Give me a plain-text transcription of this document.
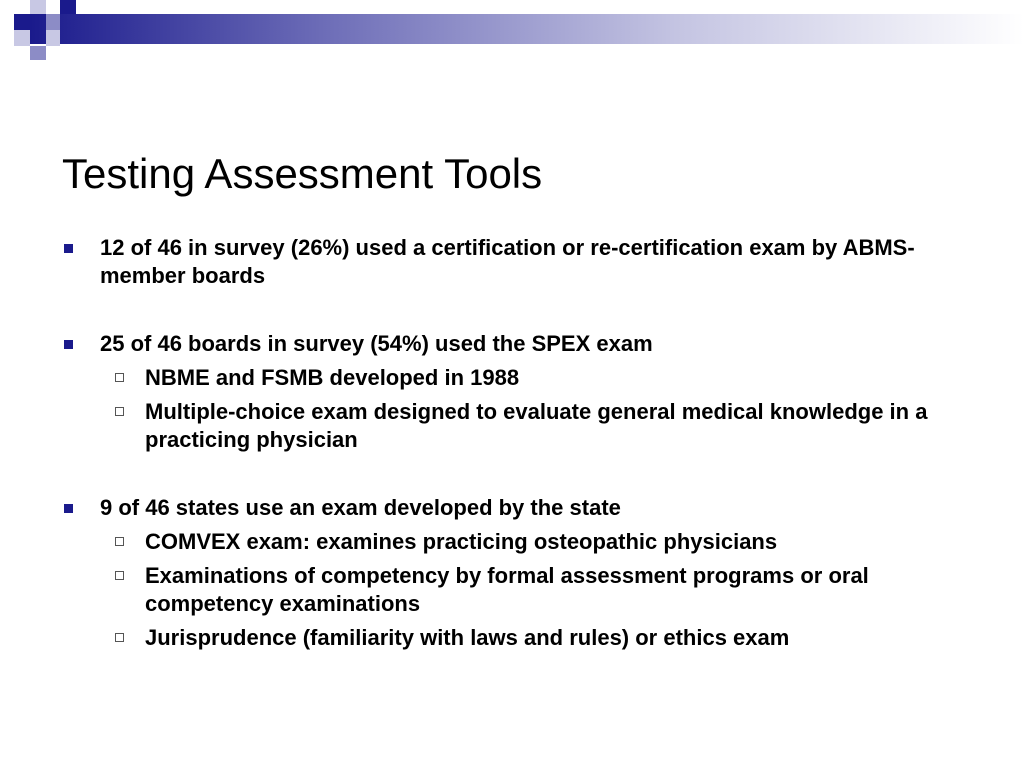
Testing Assessment Tools
12 of 46 in survey (26%) used a certification or re-certification exam by ABMS-member boards
25 of 46 boards in survey (54%) used the SPEX exam
NBME and FSMB developed in 1988
Multiple-choice exam designed to evaluate general medical knowledge in a practicing physician
9 of 46 states use an exam developed by the state
COMVEX exam: examines practicing osteopathic physicians
Examinations of competency by formal assessment programs or oral competency examinations
Jurisprudence (familiarity with laws and rules) or ethics exam
